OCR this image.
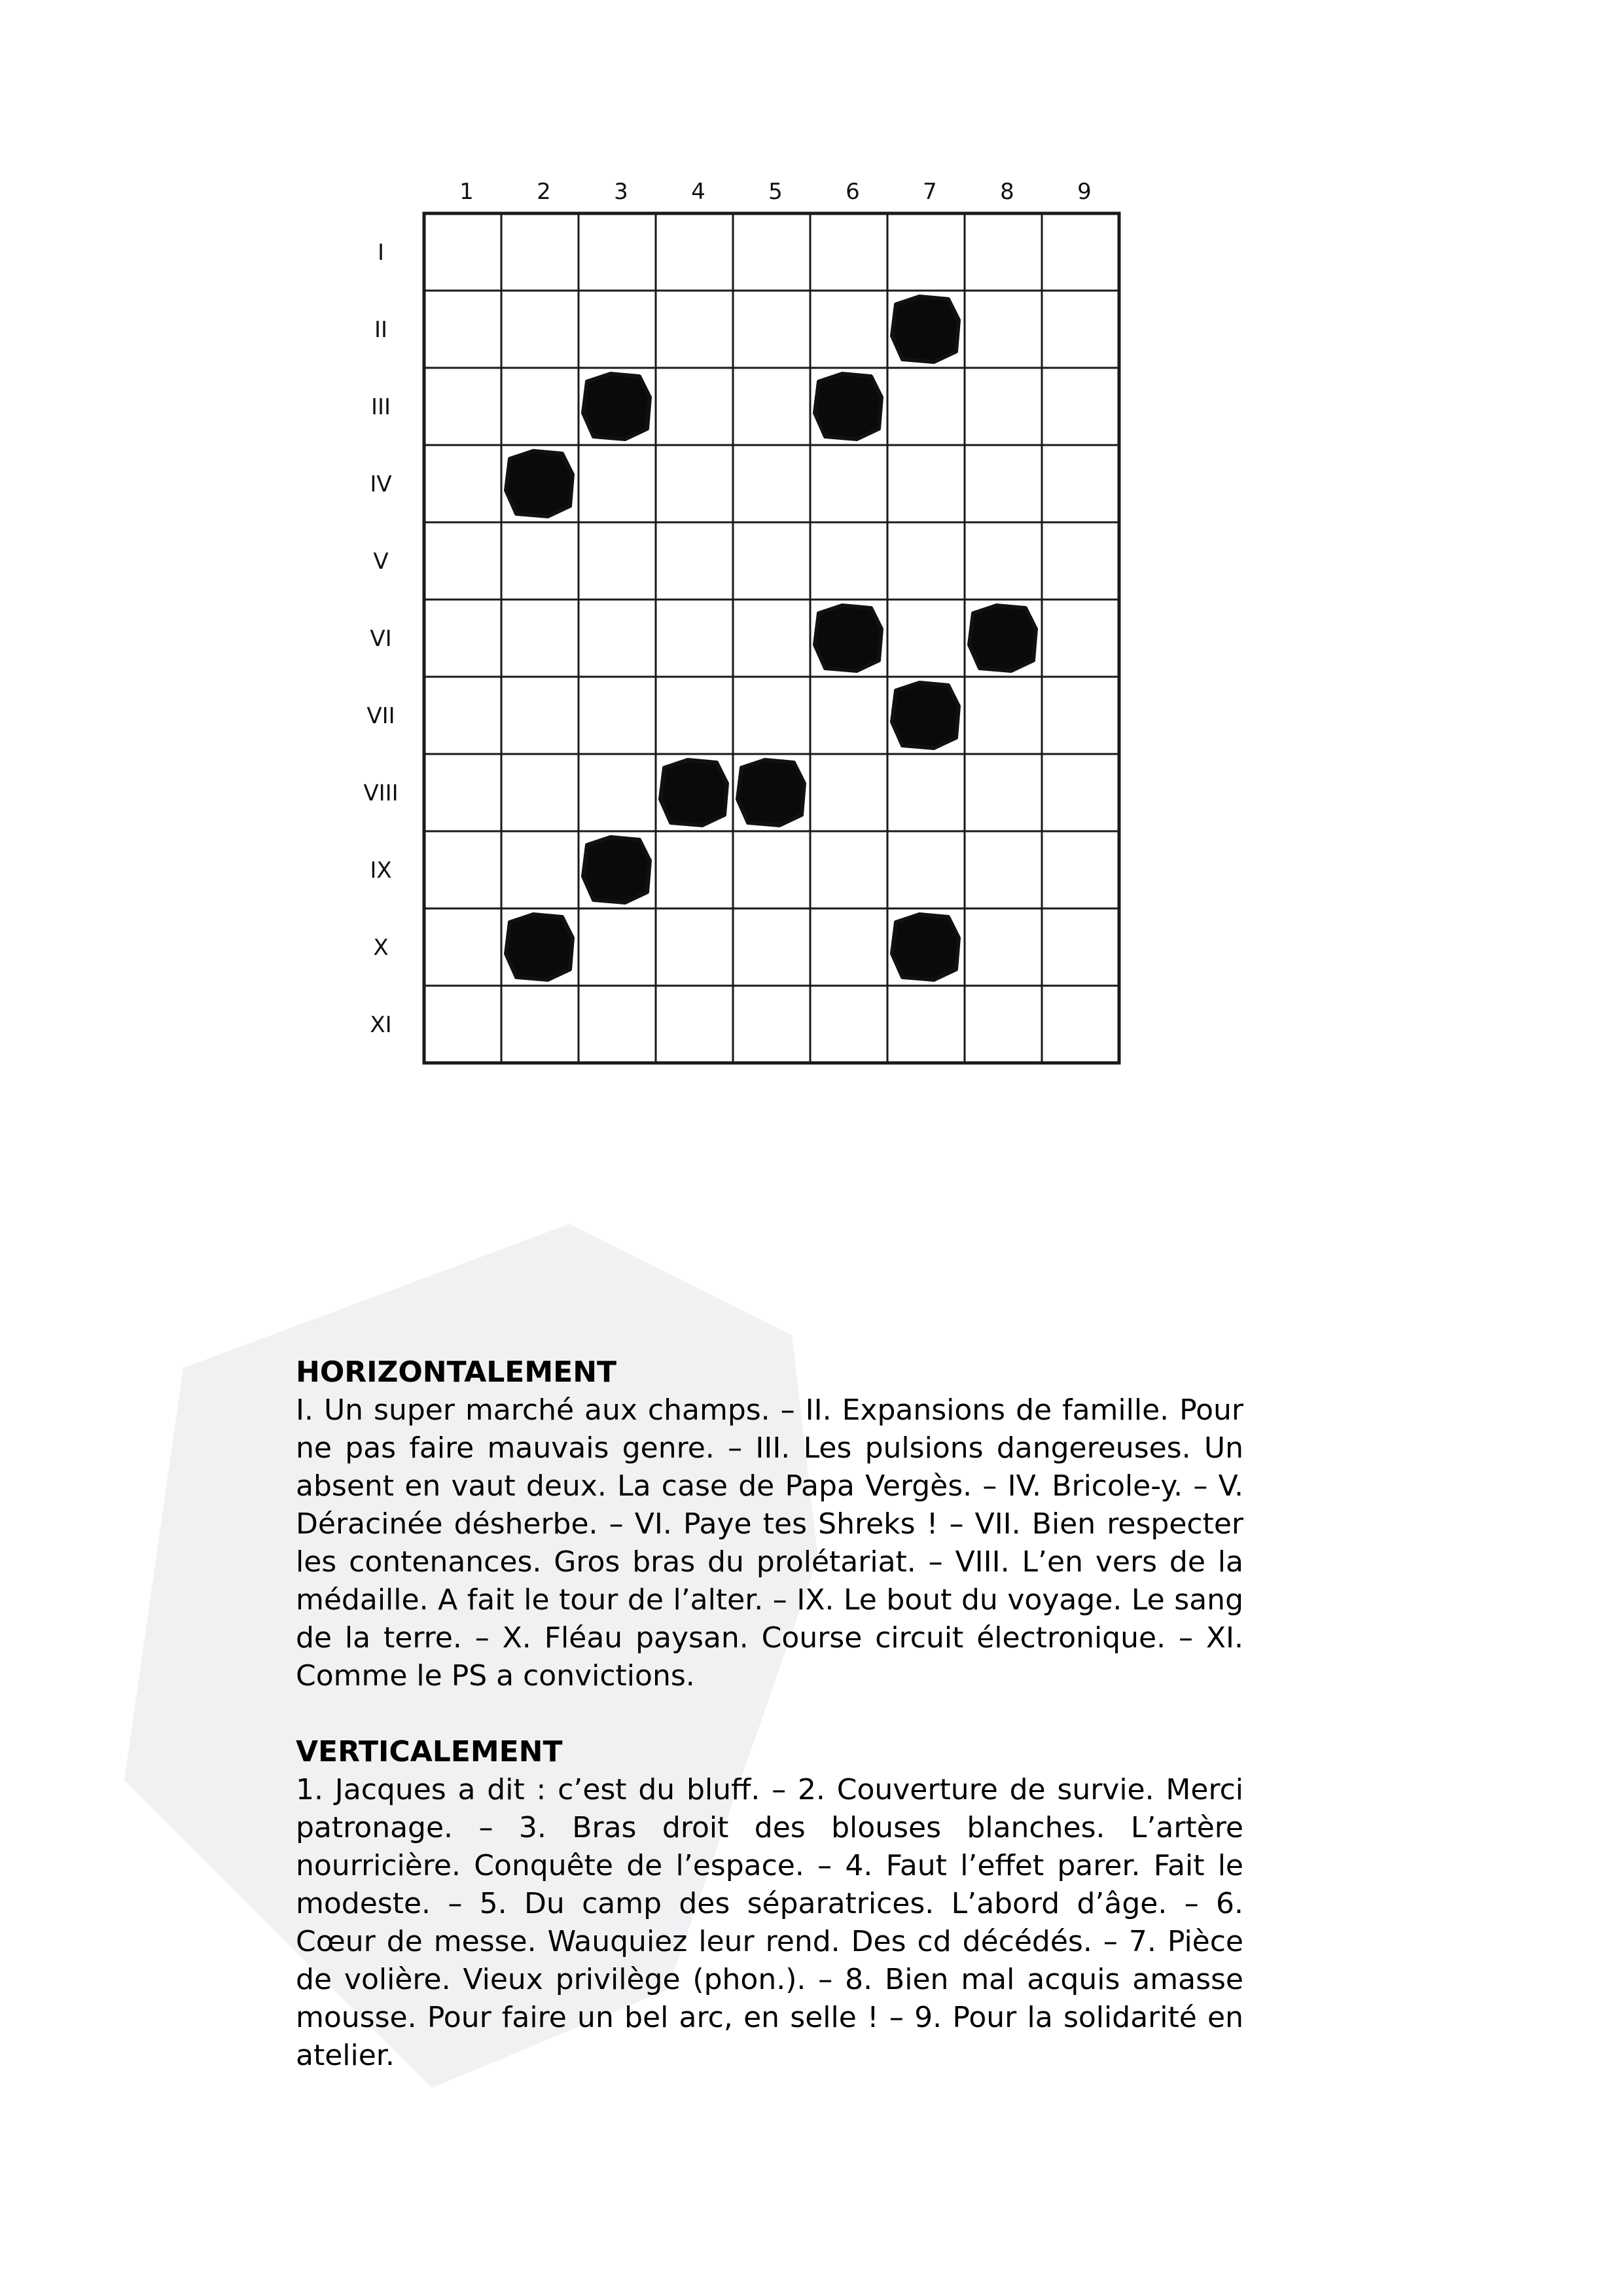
1	2	3	4	5	6	7	8	9
I
II
III
IV
V
VI
VII
VIII
IX
X
XI

HORIZONTALEMENT

I. Un super marché aux champs. – II. Expansions de famille. Pour ne pas faire mauvais genre. – III. Les pulsions dangereuses. Un absent en vaut deux. La case de Papa Vergès. – IV. Bricole-y. – V. Déracinée désherbe. – VI. Paye tes Shreks ! – VII. Bien respecter les contenances. Gros bras du prolétariat. – VIII. L’en vers de la médaille. A fait le tour de l’alter. – IX. Le bout du voyage. Le sang de la terre. – X. Fléau paysan. Course circuit électronique. – XI. Comme le PS a convictions.

VERTICALEMENT

1. Jacques a dit : c’est du bluff. – 2. Couverture de survie. Merci patronage. – 3. Bras droit des blouses blanches. L’artère nourricière. Conquête de l’espace. – 4. Faut l’effet parer. Fait le modeste. – 5. Du camp des séparatrices. L’abord d’âge. – 6. Cœur de messe. Wauquiez leur rend. Des cd décédés. – 7. Pièce de volière. Vieux privilège (phon.). – 8. Bien mal acquis amasse mousse. Pour faire un bel arc, en selle ! – 9. Pour la solidarité en atelier.
